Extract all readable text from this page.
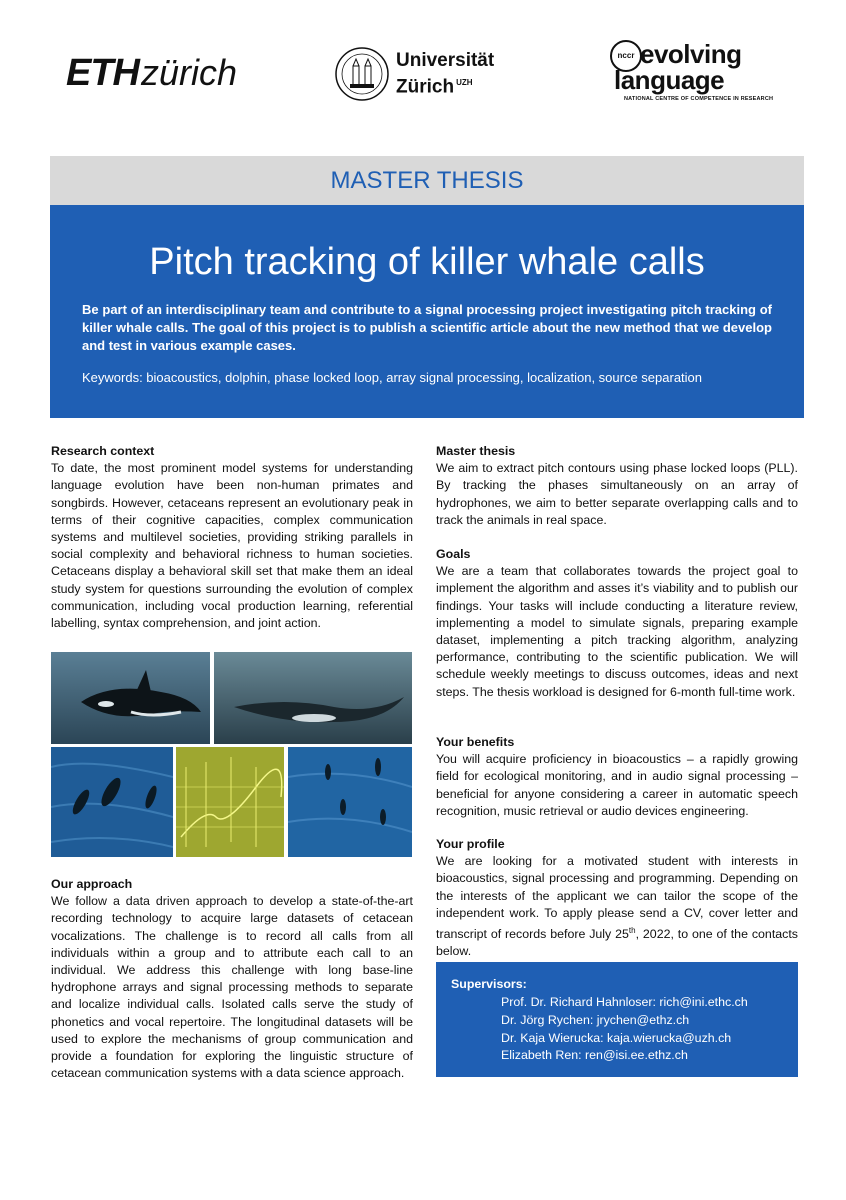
ETH zürich	Universität
Zürich $^{UZH}$
nccr evolving
language
NATIONAL CENTRE OF COMPETENCE IN RESEARCH
MASTER THESIS
Pitch tracking of killer whale calls
Be part of an interdisciplinary team and contribute to a signal processing project investigating pitch tracking of killer whale calls. The goal of this project is to publish a scientific article about the new method that we develop and test in various example cases.
Keywords: bioacoustics, dolphin, phase locked loop, array signal processing, localization, source separation
Research context

To date, the most prominent model systems for understanding language evolution have been non-human primates and songbirds. However, cetaceans represent an evolutionary peak in terms of their cognitive capacities, complex communication systems and multilevel societies, providing striking parallels in social complexity and behavioral richness to human societies. Cetaceans display a behavioral skill set that make them an ideal study system for questions surrounding the evolution of complex communication, including vocal production learning, referential labelling, syntax comprehension, and joint action.

Our approach

We follow a data driven approach to develop a state-of-the-art recording technology to acquire large datasets of cetacean vocalizations. The challenge is to record all calls from all individuals within a group and to attribute each call to an individual. We address this challenge with long base-line hydrophone arrays and signal processing methods to separate and localize individual calls. Isolated calls serve the study of phonetics and vocal repertoire. The longitudinal datasets will be used to explore the mechanisms of group communication and provide a foundation for exploring the linguistic structure of cetacean communication systems with a data science approach.

Master thesis

We aim to extract pitch contours using phase locked loops (PLL). By tracking the phases simultaneously on an array of hydrophones, we aim to better separate overlapping calls and to track the animals in real space.

Goals

We are a team that collaborates towards the project goal to implement the algorithm and asses it’s viability and to publish our findings. Your tasks will include conducting a literature review, implementing a model to simulate signals, preparing example dataset, implementing a pitch tracking algorithm, analyzing performance, contributing to the scientific publication. We will schedule weekly meetings to discuss outcomes, ideas and next steps. The thesis workload is designed for 6-month full-time work.

Your benefits

You will acquire proficiency in bioacoustics – a rapidly growing field for ecological monitoring, and in audio signal processing – beneficial for anyone considering a career in automatic speech recognition, music retrieval or audio devices engineering.

Your profile

We are looking for a motivated student with interests in bioacoustics, signal processing and programming. Depending on the interests of the applicant we can tailor the scope of the independent work. To apply please send a CV, cover letter and transcript of records before July 25th, 2022, to one of the contacts below.

Supervisors:
Prof. Dr. Richard Hahnloser: rich@ini.ethc.ch
Dr. Jörg Rychen: jrychen@ethz.ch
Dr. Kaja Wierucka: kaja.wierucka@uzh.ch
Elizabeth Ren: ren@isi.ee.ethz.ch
